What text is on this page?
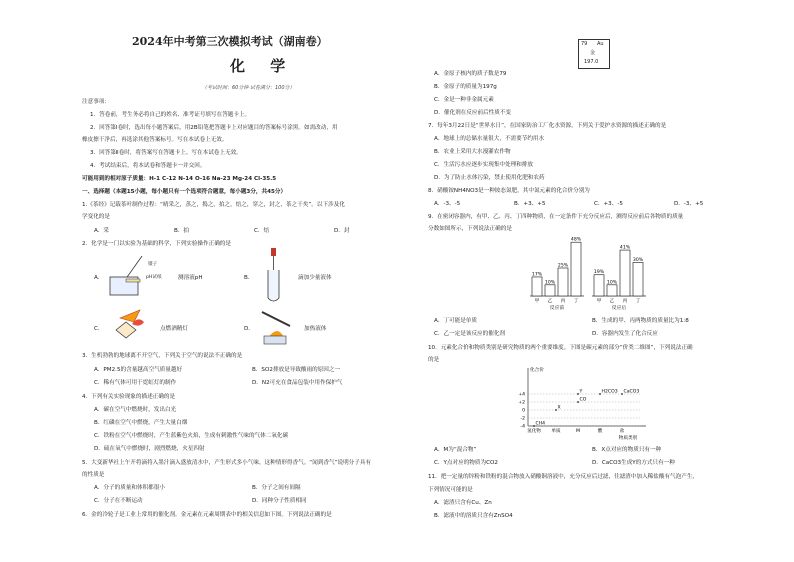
2024年中考第三次模拟考试（湖南卷）
化 学
（考试时间：60分钟 试卷满分：100分）
注意事项：
1．答卷前，考生务必将自己的姓名、准考证号填写在答题卡上。
2．回答第Ⅰ卷时，选出每小题答案后，用2B铅笔把答题卡上对应题目的答案标号涂黑。如需改动，用
橡皮擦干净后，再选涂其他答案标号。写在本试卷上无效。
3．回答第Ⅱ卷时，将答案写在答题卡上。写在本试卷上无效。
4．考试结束后，将本试卷和答题卡一并交回。
可能用到的相对原子质量：H-1 C-12 N-14 O-16 Na-23 Mg-24 Cl-35.5
一、选择题（本题15小题，每小题只有一个选项符合题意，每小题3分，共45分）
1.《茶经》记载茶叶制作过程：“晴采之，蒸之，捣之，拍之，焙之，穿之，封之，茶之干矣”。以下涉及化
学变化的是
A．采	B．拍	C．焙	D．封
2．化学是一门以实验为基础的科学，下列实验操作正确的是
A．
镊子
pH试纸	测溶液pH	B．	滴加少量液体
C．	点燃酒精灯	D．	加热液体
3．生机勃勃的地球离不开空气，下列关于空气的说法不正确的是
A．PM2.5的含量越高空气质量越好	B．SO2排放是导致酸雨的原因之一
C．稀有气体可用于霓虹灯的制作	D．N2可充在食品包装中用作保护气
4．下列有关实验现象的描述正确的是
A．碳在空气中燃烧时，发出白光
B．红磷在空气中燃烧，产生大量白烟
C．铁粉在空气中燃烧时，产生蓝紫色火焰，生成有刺激性气味的气体二氧化碳
D．硫在氧气中燃烧时，剧烈燃烧，火星四射
5．大变新华社上午开将滴将入墨汁滴入盛放清水中，产生形式多小气味，这种情形得香气。“闻到香气”说明分子具有
的性质是
A．分子的质量和体积都很小	B．分子之间有间隔
C．分子在不断运动	D．同种分子性质相同
6．金的冷轮子是工业上常用的催化剂。金元素在元素周期表中的相关信息如下图。下列说法正确的是
79 Au
金
197.0
A．金原子核内的质子数是79
B．金原子的质量为197g
C．金是一种非金属元素
D．催化剂在反应前后性质不变
7．每年3月22日是“世界水日”，在国家防治工厂化水资源，下列关于爱护水资源的描述正确的是
A．地球上的总储水量很大，不需要节约用水
B．农业上采用大水漫灌农作物
C．生活污水应逐步实现集中处理和排放
D．为了防止水体污染，禁止使用化肥和农药
8．硝酸铵NH4NO3是一种铵态氮肥，其中氮元素的化合价分别为
A．-3、-5	B．+3、+5	C．+3、-5	D．-3、+5
9．在密闭容器内，有甲、乙、丙、丁四种物质，在一定条件下充分反应后，测得反应前后各物质的质量
分数如图所示，下列说法正确的是
17%
甲
10%
乙
25%
丙
48%
丁
反应前
19%
甲
10%
乙
41%
丙
30%
丁
反应后
A．丁可能是单质	B．生成的甲、丙两物质的质量比为1:8
C．乙一定是该反应的催化剂	D．容器内发生了化合反应
10．元素化合价和物质类别是研究物质的两个重要维度。下图是碳元素的部分“价类二维图”，下列说法正确
的是
化合价
+4
+2
0
-2
-4
氢化物 单质	M	酸	盐
物质类别
CH4
X
CO
Y	H2CO3 CaCO3
A．M为“混合物”	B．X点对应的物质只有一种
C．Y点对应的物质为CO2	D．CaCO3生成Y的方式只有一种
11．把一定量的锌粉和铁粉的混合物放入硝酸铜溶液中，充分反应后过滤，往滤渣中加入稀盐酸有气泡产生，
下列情况可能的是
A．滤渣只含有Cu、Zn
B．滤液中的溶质只含有ZnSO4
